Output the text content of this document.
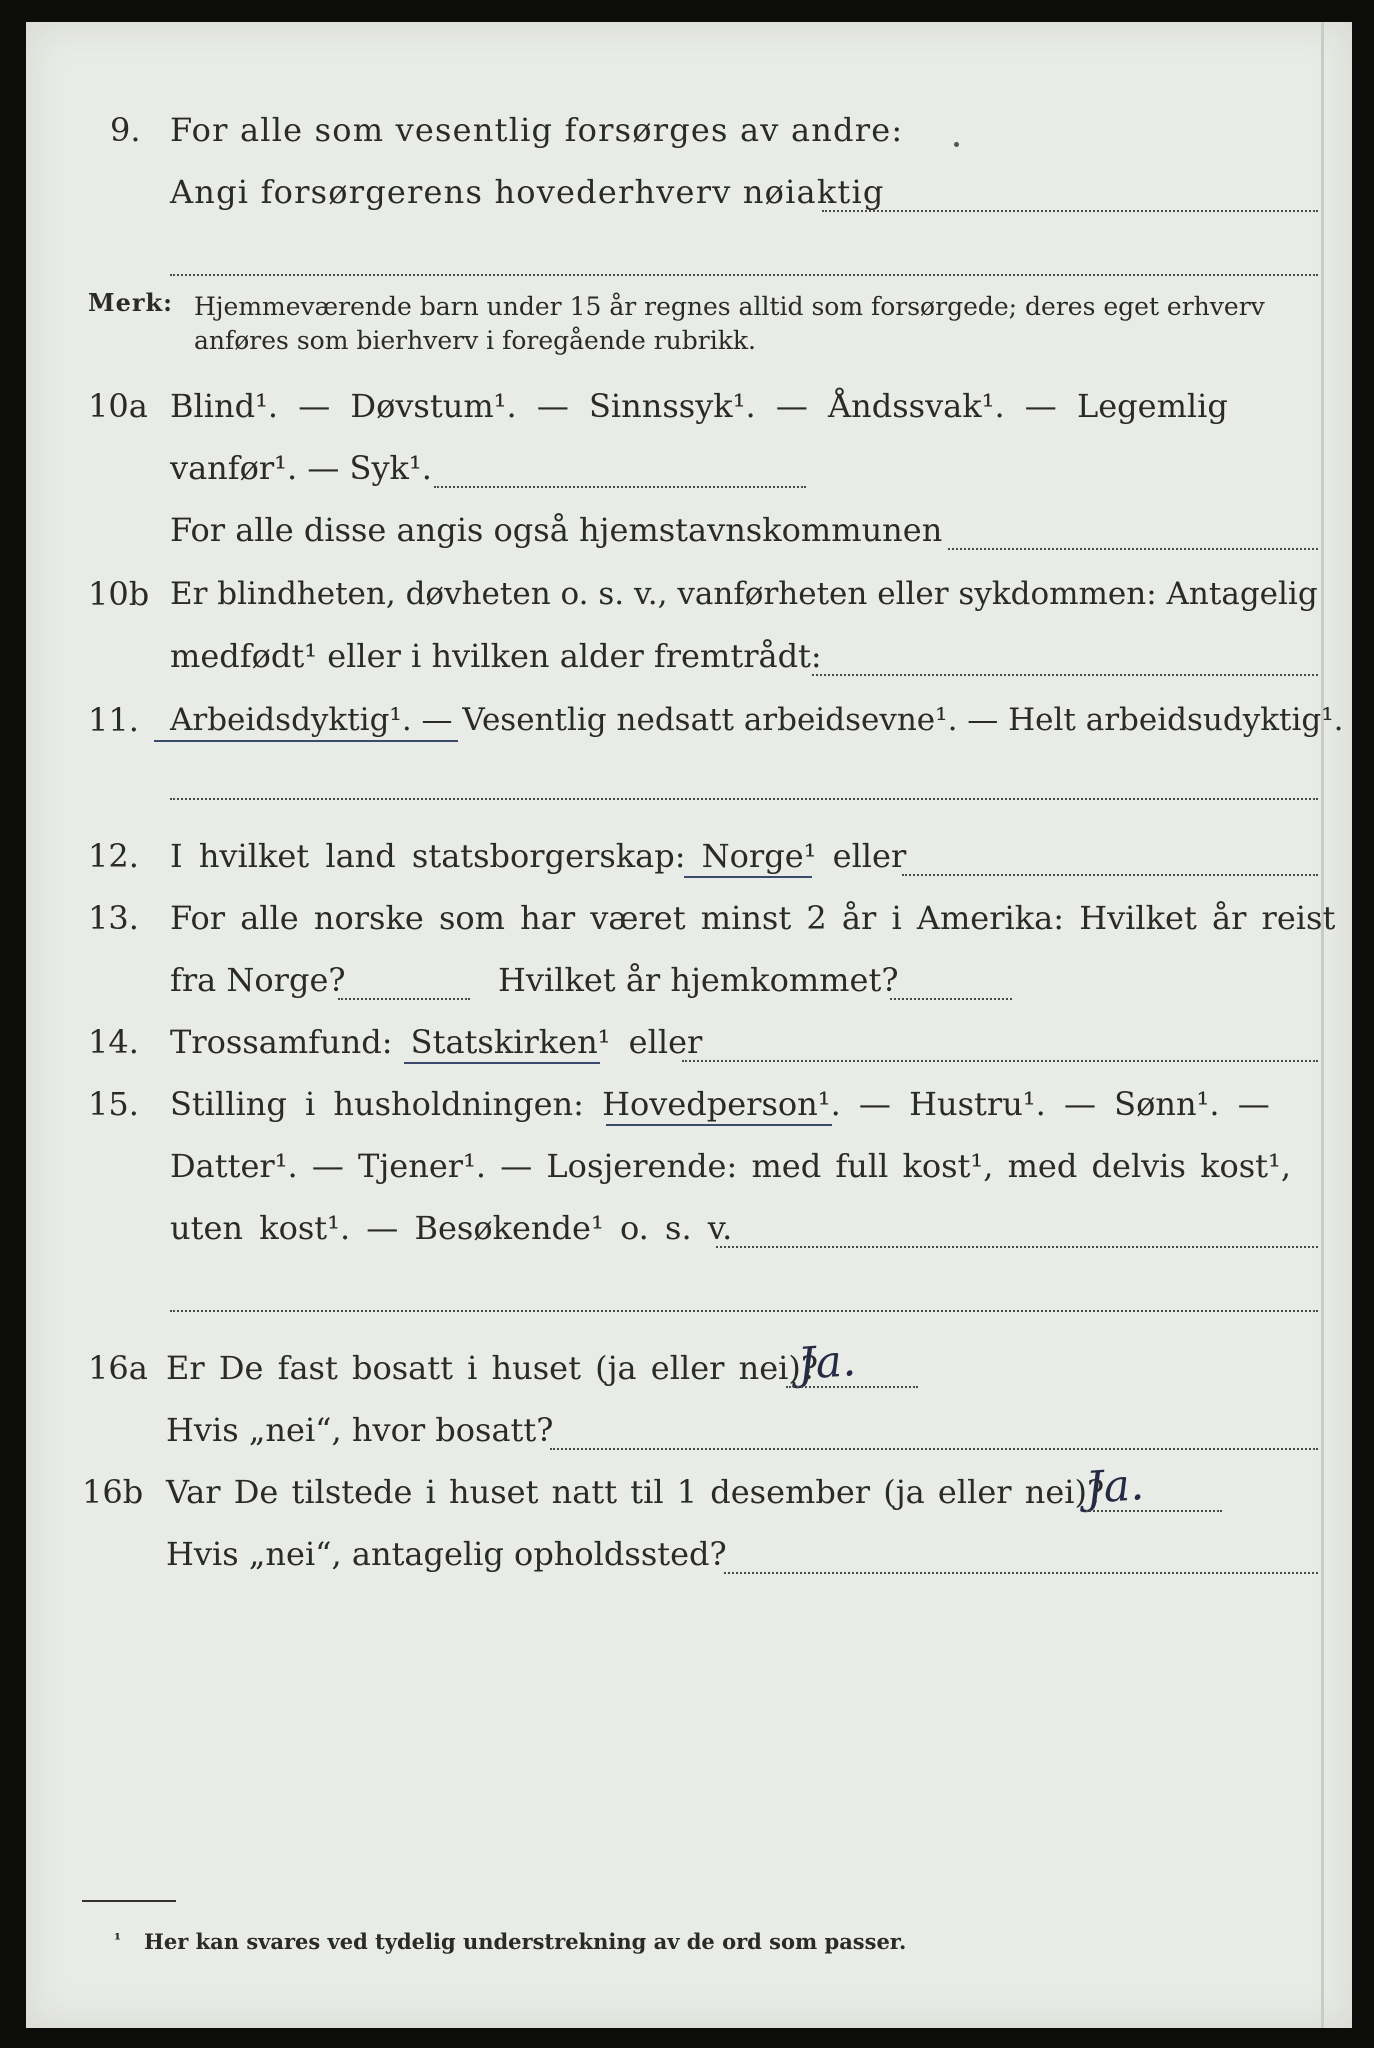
9. For alle som vesentlig forsørges av andre:
Angi forsørgerens hovederhverv nøiaktig
Merk: Hjemmeværende barn under 15 år regnes alltid som forsørgede; deres eget erhverv
anføres som bierhverv i foregående rubrikk.
10a Blind¹. — Døvstum¹. — Sinnssyk¹. — Åndssvak¹. — Legemlig
vanfør¹. — Syk¹.
For alle disse angis også hjemstavnskommunen
10b Er blindheten, døvheten o. s. v., vanførheten eller sykdommen: Antagelig
medfødt¹ eller i hvilken alder fremtrådt:
11. Arbeidsdyktig¹. — Vesentlig nedsatt arbeidsevne¹. — Helt arbeidsudyktig¹.
12. I hvilket land statsborgerskap: Norge¹ eller
13. For alle norske som har været minst 2 år i Amerika: Hvilket år reist
fra Norge?	Hvilket år hjemkommet?
14. Trossamfund: Statskirken¹ eller
15. Stilling i husholdningen: Hovedperson¹. — Hustru¹. — Sønn¹. —
Datter¹. — Tjener¹. — Losjerende: med full kost¹, med delvis kost¹,
uten kost¹. — Besøkende¹ o. s. v.
16a Er De fast bosatt i huset (ja eller nei)?
Ja.
Hvis „nei“, hvor bosatt?
16b Var De tilstede i huset natt til 1 desember (ja eller nei)?
Ja.
Hvis „nei“, antagelig opholdssted?
¹ Her kan svares ved tydelig understrekning av de ord som passer.
